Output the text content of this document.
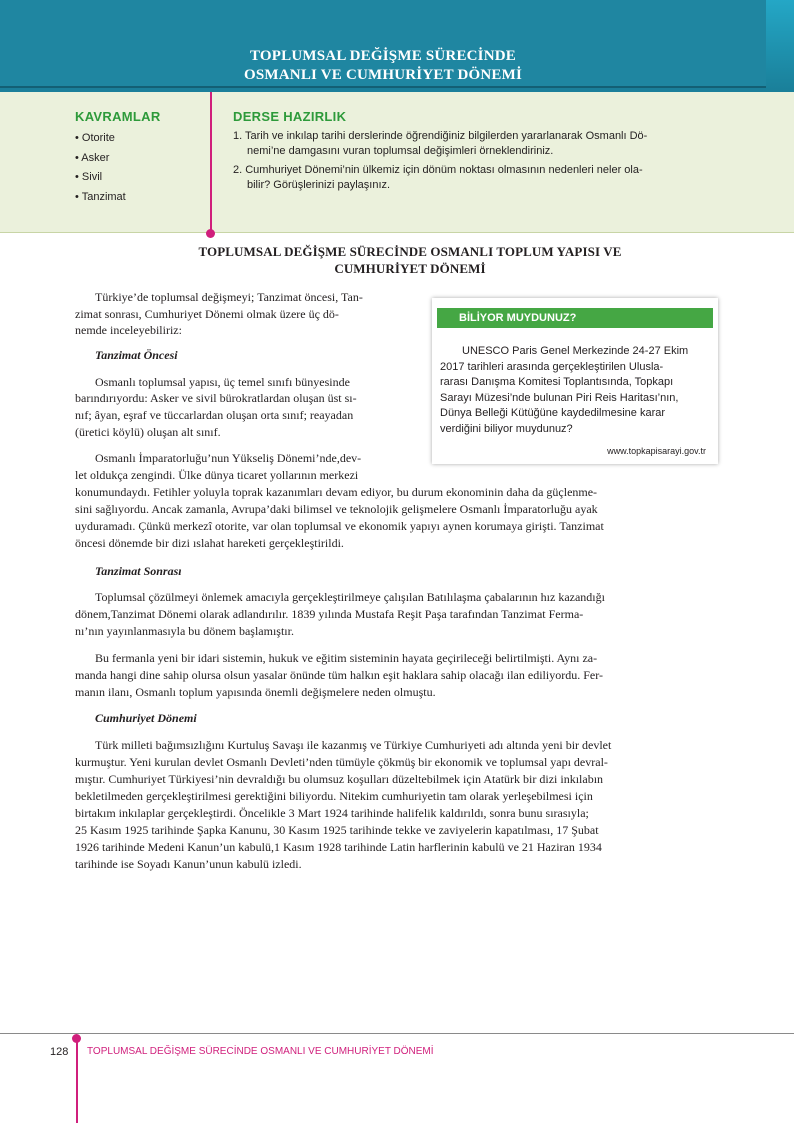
TOPLUMSAL DEĞİŞME SÜRECİNDE
OSMANLI VE CUMHURİYET DÖNEMİ
KAVRAMLAR
• Otorite
• Asker
• Sivil
• Tanzimat
DERSE HAZIRLIK
1. Tarih ve inkılap tarihi derslerinde öğrendiğiniz bilgilerden yararlanarak Osmanlı Dö-
nemi’ne damgasını vuran toplumsal değişimleri örneklendiriniz.
2. Cumhuriyet Dönemi’nin ülkemiz için dönüm noktası olmasının nedenleri neler ola-
bilir? Görüşlerinizi paylaşınız.
TOPLUMSAL DEĞİŞME SÜRECİNDE OSMANLI TOPLUM YAPISI VE
CUMHURİYET DÖNEMİ
Türkiye’de toplumsal değişmeyi; Tanzimat öncesi, Tan-
zimat sonrası, Cumhuriyet Dönemi olmak üzere üç dö-
nemde inceleyebiliriz:
Tanzimat Öncesi
Osmanlı toplumsal yapısı, üç temel sınıfı bünyesinde
barındırıyordu: Asker ve sivil bürokratlardan oluşan üst sı-
nıf; âyan, eşraf ve tüccarlardan oluşan orta sınıf; reayadan
(üretici köylü) oluşan alt sınıf.
Osmanlı İmparatorluğu’nun Yükseliş Dönemi’nde,dev-
let oldukça zengindi. Ülke dünya ticaret yollarının merkezi
konumundaydı. Fetihler yoluyla toprak kazanımları devam ediyor, bu durum ekonominin daha da güçlenme-
sini sağlıyordu. Ancak zamanla, Avrupa’daki bilimsel ve teknolojik gelişmelere Osmanlı İmparatorluğu ayak
uyduramadı. Çünkü merkezî otorite, var olan toplumsal ve ekonomik yapıyı aynen korumaya girişti. Tanzimat
öncesi dönemde bir dizi ıslahat hareketi gerçekleştirildi.
BİLİYOR MUYDUNUZ?
UNESCO Paris Genel Merkezinde 24-27 Ekim
2017 tarihleri arasında gerçekleştirilen Ulusla-
rarası Danışma Komitesi Toplantısında, Topkapı
Sarayı Müzesi’nde bulunan Piri Reis Haritası’nın,
Dünya Belleği Kütüğüne kaydedilmesine karar
verdiğini biliyor muydunuz?
www.topkapisarayi.gov.tr
Tanzimat Sonrası
Toplumsal çözülmeyi önlemek amacıyla gerçekleştirilmeye çalışılan Batılılaşma çabalarının hız kazandığı
dönem,Tanzimat Dönemi olarak adlandırılır. 1839 yılında Mustafa Reşit Paşa tarafından Tanzimat Ferma-
nı’nın yayınlanmasıyla bu dönem başlamıştır.
Bu fermanla yeni bir idari sistemin, hukuk ve eğitim sisteminin hayata geçirileceği belirtilmişti. Aynı za-
manda hangi dine sahip olursa olsun yasalar önünde tüm halkın eşit haklara sahip olacağı ilan ediliyordu. Fer-
manın ilanı, Osmanlı toplum yapısında önemli değişmelere neden olmuştu.
Cumhuriyet Dönemi
Türk milleti bağımsızlığını Kurtuluş Savaşı ile kazanmış ve Türkiye Cumhuriyeti adı altında yeni bir devlet
kurmuştur. Yeni kurulan devlet Osmanlı Devleti’nden tümüyle çökmüş bir ekonomik ve toplumsal yapı devral-
mıştır. Cumhuriyet Türkiyesi’nin devraldığı bu olumsuz koşulları düzeltebilmek için Atatürk bir dizi inkılabın
bekletilmeden gerçekleştirilmesi gerektiğini biliyordu. Nitekim cumhuriyetin tam olarak yerleşebilmesi için
birtakım inkılaplar gerçekleştirdi. Öncelikle 3 Mart 1924 tarihinde halifelik kaldırıldı, sonra bunu sırasıyla;
25 Kasım 1925 tarihinde Şapka Kanunu, 30 Kasım 1925 tarihinde tekke ve zaviyelerin kapatılması, 17 Şubat
1926 tarihinde Medeni Kanun’un kabulü,1 Kasım 1928 tarihinde Latin harflerinin kabulü ve 21 Haziran 1934
tarihinde ise Soyadı Kanun’unun kabulü izledi.
128 TOPLUMSAL DEĞİŞME SÜRECİNDE OSMANLI VE CUMHURİYET DÖNEMİ
